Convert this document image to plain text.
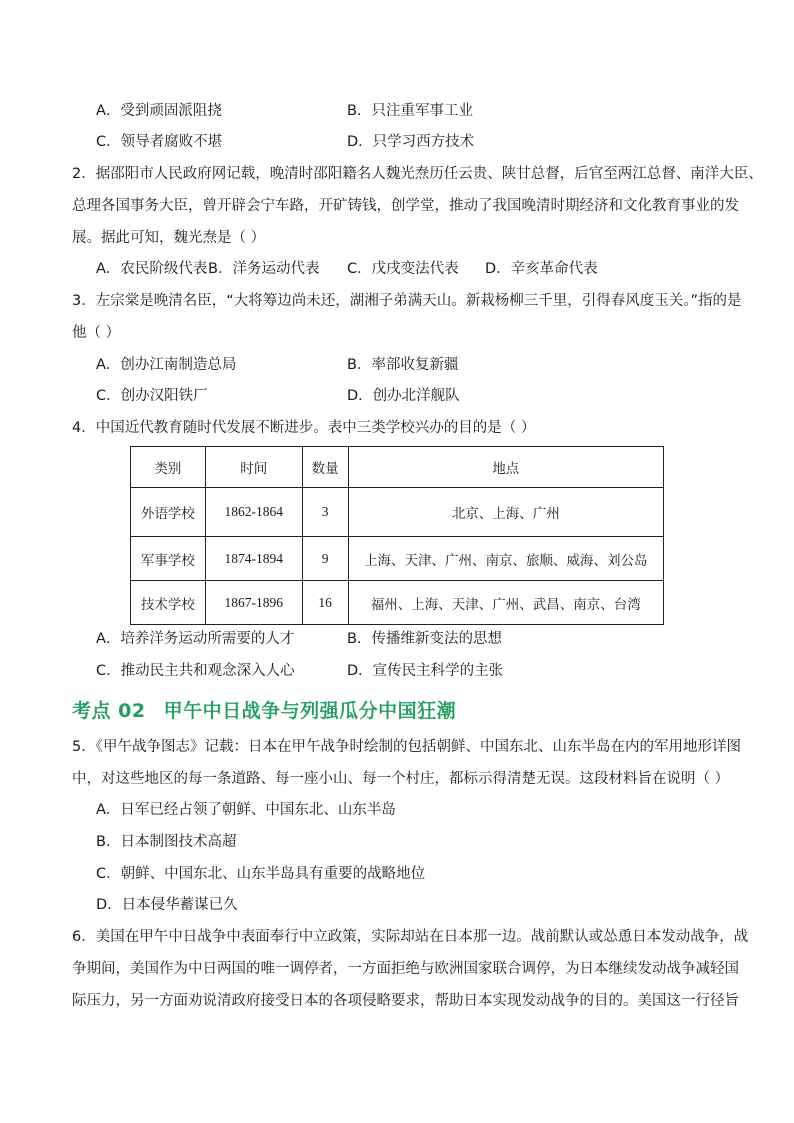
A．受到顽固派阻挠	B．只注重军事工业
C．领导者腐败不堪	D．只学习西方技术
2．据邵阳市人民政府网记载，晚清时邵阳籍名人魏光焘历任云贵、陕甘总督，后官至两江总督、南洋大臣、
总理各国事务大臣，曾开辟会宁车路，开矿铸钱，创学堂，推动了我国晚清时期经济和文化教育事业的发
展。据此可知，魏光焘是（ ）
A．农民阶级代表 B．洋务运动代表 C．戊戌变法代表 D．辛亥革命代表
3．左宗棠是晚清名臣，“大将筹边尚未还，湖湘子弟满天山。新栽杨柳三千里，引得春风度玉关。”指的是
他（ ）
A．创办江南制造总局	B．率部收复新疆
C．创办汉阳铁厂	D．创办北洋舰队
4．中国近代教育随时代发展不断进步。表中三类学校兴办的目的是（ ）
类别	时间	数量	地点
外语学校	1862-1864	3	北京、上海、广州
军事学校	1874-1894	9	上海、天津、广州、南京、旅顺、威海、刘公岛
技术学校	1867-1896	16	福州、上海、天津、广州、武昌、南京、台湾
A．培养洋务运动所需要的人才	B．传播维新变法的思想
C．推动民主共和观念深入人心	D．宣传民主科学的主张
考点 02 甲午中日战争与列强瓜分中国狂潮
5．《甲午战争图志》记载：日本在甲午战争时绘制的包括朝鲜、中国东北、山东半岛在内的军用地形详图
中，对这些地区的每一条道路、每一座小山、每一个村庄，都标示得清楚无误。这段材料旨在说明（ ）
A．日军已经占领了朝鲜、中国东北、山东半岛
B．日本制图技术高超
C．朝鲜、中国东北、山东半岛具有重要的战略地位
D．日本侵华蓄谋已久
6．美国在甲午中日战争中表面奉行中立政策，实际却站在日本那一边。战前默认或怂恿日本发动战争，战
争期间，美国作为中日两国的唯一调停者，一方面拒绝与欧洲国家联合调停，为日本继续发动战争减轻国
际压力，另一方面劝说清政府接受日本的各项侵略要求，帮助日本实现发动战争的目的。美国这一行径旨
